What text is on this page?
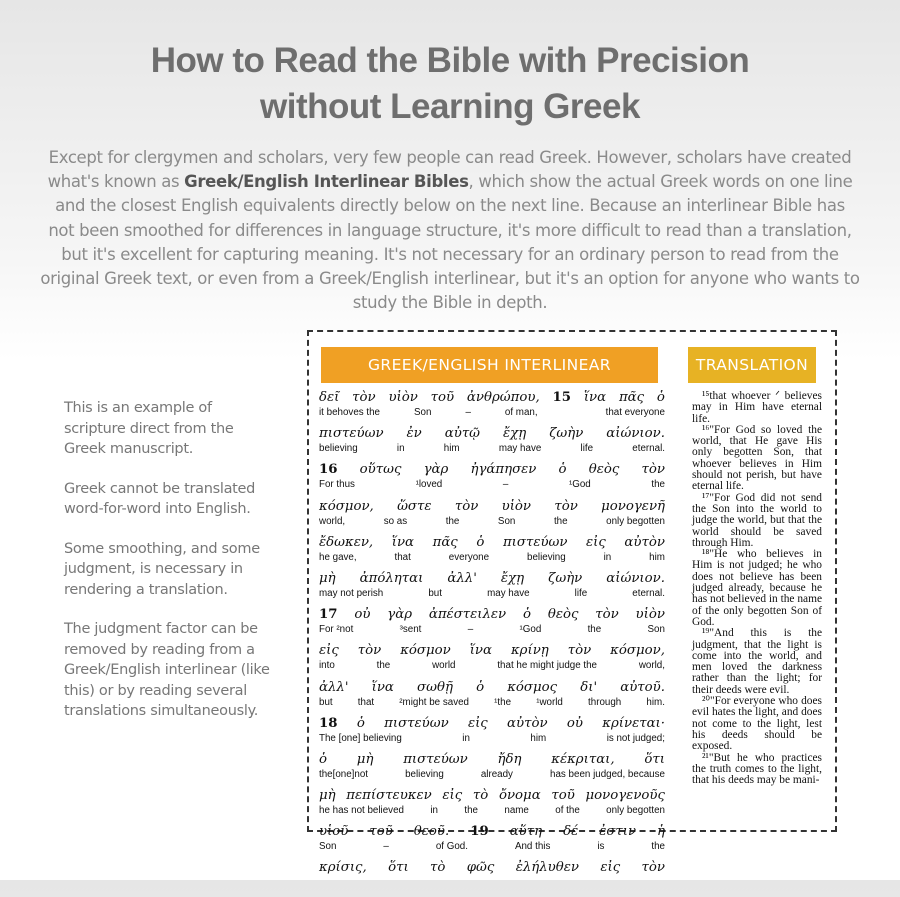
How to Read the Bible with Precision
without Learning Greek
Except for clergymen and scholars, very few people can read Greek. However, scholars have created what's known as Greek/English Interlinear Bibles, which show the actual Greek words on one line and the closest English equivalents directly below on the next line. Because an interlinear Bible has not been smoothed for differences in language structure, it's more difficult to read than a translation, but it's excellent for capturing meaning. It's not necessary for an ordinary person to read from the original Greek text, or even from a Greek/English interlinear, but it's an option for anyone who wants to study the Bible in depth.

This is an example of scripture direct from the Greek manuscript.

Greek cannot be translated word-for-word into English.

Some smoothing, and some judgment, is necessary in rendering a translation.

The judgment factor can be removed by reading from a Greek/English interlinear (like this) or by reading several translations simultaneously.

GREEK/ENGLISH INTERLINEAR	TRANSLATION
δεῖ τὸν υἱὸν τοῦ ἀνθρώπου, 15 ἵνα πᾶς ὁ
it behoves the	Son	–	of man,	that everyone
πιστεύων ἐν αὐτῷ ἔχῃ ζωὴν αἰώνιον.
believing	in	him	may have	life	eternal.
16 οὕτως γὰρ ἠγάπησεν ὁ θεὸς τὸν
For thus	¹loved	–	¹God	the
κόσμον, ὥστε τὸν υἱὸν τὸν μονογενῆ
world,	so as	the	Son	the	only begotten
ἔδωκεν, ἵνα πᾶς ὁ πιστεύων εἰς αὐτὸν
he gave,	that	everyone	believing	in	him
μὴ ἀπόληται ἀλλ' ἔχῃ ζωὴν αἰώνιον.
may not perish	but	may have	life	eternal.
17 οὐ γὰρ ἀπέστειλεν ὁ θεὸς τὸν υἱὸν
For ²not	³sent	–	¹God	the	Son
εἰς τὸν κόσμον ἵνα κρίνῃ τὸν κόσμον,
into	the	world	that he might judge the	world,
ἀλλ' ἵνα σωθῇ ὁ κόσμος δι' αὐτοῦ.
but	that	²might be saved	¹the	¹world	through	him.
18 ὁ πιστεύων εἰς αὐτὸν οὐ κρίνεται·
The [one] believing	in	him	is not judged;
ὁ μὴ πιστεύων ἤδη κέκριται, ὅτι
the[one]not	believing	already	has been judged, because
μὴ πεπίστευκεν εἰς τὸ ὄνομα τοῦ μονογενοῦς
he has not believed	in	the	name	of the	only begotten
υἱοῦ τοῦ θεοῦ. 19 αὕτη δέ ἐστιν ἡ
Son	–	of God.	And this	is	the
κρίσις, ὅτι τὸ φῶς ἐλήλυθεν εἰς τὸν

¹⁵that whoever ᐟ believes may in Him have eternal life.

¹⁶"For God so loved the world, that He gave His only begotten Son, that whoever believes in Him should not perish, but have eternal life.

¹⁷"For God did not send the Son into the world to judge the world, but that the world should be saved through Him.

¹⁸"He who believes in Him is not judged; he who does not believe has been judged already, because he has not believed in the name of the only begotten Son of God.

¹⁹"And this is the judgment, that the light is come into the world, and men loved the darkness rather than the light; for their deeds were evil.

²⁰"For everyone who does evil hates the light, and does not come to the light, lest his deeds should be exposed.

²¹"But he who practices the truth comes to the light, that his deeds may be mani-
